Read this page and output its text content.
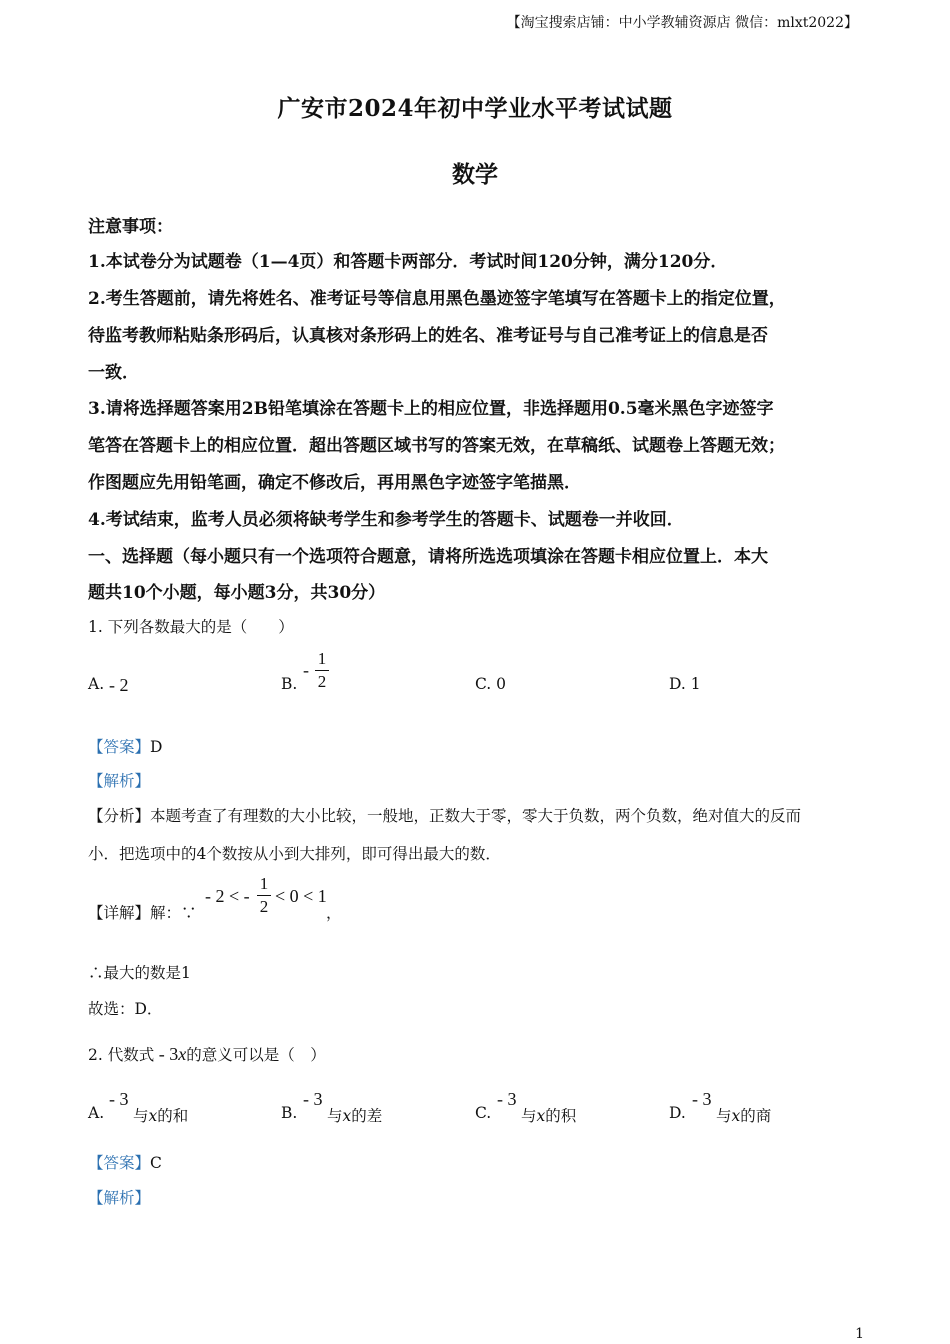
【淘宝搜索店铺：中小学教辅资源店 微信：mlxt2022】
广安市2024年初中学业水平考试试题
数学
注意事项：
1.本试卷分为试题卷（1—4页）和答题卡两部分．考试时间120分钟，满分120分．
2.考生答题前，请先将姓名、准考证号等信息用黑色墨迹签字笔填写在答题卡上的指定位置，
待监考教师粘贴条形码后，认真核对条形码上的姓名、准考证号与自己准考证上的信息是否
一致．
3.请将选择题答案用2B铅笔填涂在答题卡上的相应位置，非选择题用0.5毫米黑色字迹签字
笔答在答题卡上的相应位置．超出答题区域书写的答案无效，在草稿纸、试题卷上答题无效；
作图题应先用铅笔画，确定不修改后，再用黑色字迹签字笔描黑．
4.考试结束，监考人员必须将缺考学生和参考学生的答题卡、试题卷一并收回．
一、选择题（每小题只有一个选项符合题意，请将所选选项填涂在答题卡相应位置上．本大
题共10个小题，每小题3分，共30分）
1. 下列各数最大的是（　　）
A. - 2	B.
-
1
2	C. 0	D. 1
【答案】D
【解析】
【分析】本题考查了有理数的大小比较，一般地，正数大于零，零大于负数，两个负数，绝对值大的反而
小．把选项中的4个数按从小到大排列，即可得出最大的数．
【详解】解：∵
- 2 < -
1
2
< 0 < 1
，
∴最大的数是1
故选：D．
2. 代数式 - 3x的意义可以是（　）
A.
- 3
与x的和	B.
- 3
与x的差	C.
- 3
与x的积	D.
- 3
与x的商
【答案】C
【解析】
1
